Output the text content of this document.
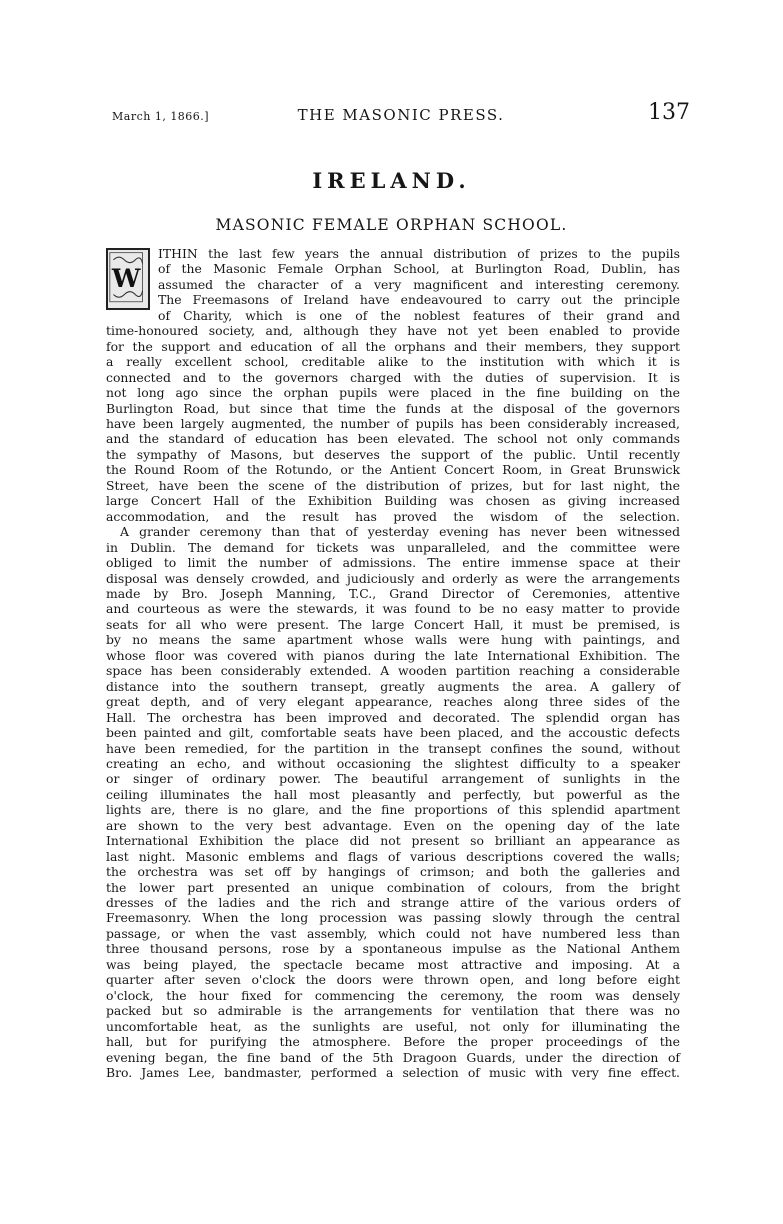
March 1, 1866.]	THE MASONIC PRESS.	137
IRELAND.
MASONIC FEMALE ORPHAN SCHOOL.
W
ITHIN the last few years the annual distribution of prizes to the pupils
of the Masonic Female Orphan School, at Burlington Road, Dublin, has
assumed the character of a very magnificent and interesting ceremony.
The Freemasons of Ireland have endeavoured to carry out the principle
of Charity, which is one of the noblest features of their grand and
time-honoured society, and, although they have not yet been enabled to provide
for the support and education of all the orphans and their members, they support
a really excellent school, creditable alike to the institution with which it is
connected and to the governors charged with the duties of supervision. It is
not long ago since the orphan pupils were placed in the fine building on the
Burlington Road, but since that time the funds at the disposal of the governors
have been largely augmented, the number of pupils has been considerably increased,
and the standard of education has been elevated. The school not only commands
the sympathy of Masons, but deserves the support of the public. Until recently
the Round Room of the Rotundo, or the Antient Concert Room, in Great Brunswick
Street, have been the scene of the distribution of prizes, but for last night, the
large Concert Hall of the Exhibition Building was chosen as giving increased
accommodation, and the result has proved the wisdom of the selection.
A grander ceremony than that of yesterday evening has never been witnessed
in Dublin. The demand for tickets was unparalleled, and the committee were
obliged to limit the number of admissions. The entire immense space at their
disposal was densely crowded, and judiciously and orderly as were the arrangements
made by Bro. Joseph Manning, T.C., Grand Director of Ceremonies, attentive
and courteous as were the stewards, it was found to be no easy matter to provide
seats for all who were present. The large Concert Hall, it must be premised, is
by no means the same apartment whose walls were hung with paintings, and
whose floor was covered with pianos during the late International Exhibition. The
space has been considerably extended. A wooden partition reaching a considerable
distance into the southern transept, greatly augments the area. A gallery of
great depth, and of very elegant appearance, reaches along three sides of the
Hall. The orchestra has been improved and decorated. The splendid organ has
been painted and gilt, comfortable seats have been placed, and the accoustic defects
have been remedied, for the partition in the transept confines the sound, without
creating an echo, and without occasioning the slightest difficulty to a speaker
or singer of ordinary power. The beautiful arrangement of sunlights in the
ceiling illuminates the hall most pleasantly and perfectly, but powerful as the
lights are, there is no glare, and the fine proportions of this splendid apartment
are shown to the very best advantage. Even on the opening day of the late
International Exhibition the place did not present so brilliant an appearance as
last night. Masonic emblems and flags of various descriptions covered the walls;
the orchestra was set off by hangings of crimson; and both the galleries and
the lower part presented an unique combination of colours, from the bright
dresses of the ladies and the rich and strange attire of the various orders of
Freemasonry. When the long procession was passing slowly through the central
passage, or when the vast assembly, which could not have numbered less than
three thousand persons, rose by a spontaneous impulse as the National Anthem
was being played, the spectacle became most attractive and imposing. At a
quarter after seven o'clock the doors were thrown open, and long before eight
o'clock, the hour fixed for commencing the ceremony, the room was densely
packed but so admirable is the arrangements for ventilation that there was no
uncomfortable heat, as the sunlights are useful, not only for illuminating the
hall, but for purifying the atmosphere. Before the proper proceedings of the
evening began, the fine band of the 5th Dragoon Guards, under the direction of
Bro. James Lee, bandmaster, performed a selection of music with very fine effect.
